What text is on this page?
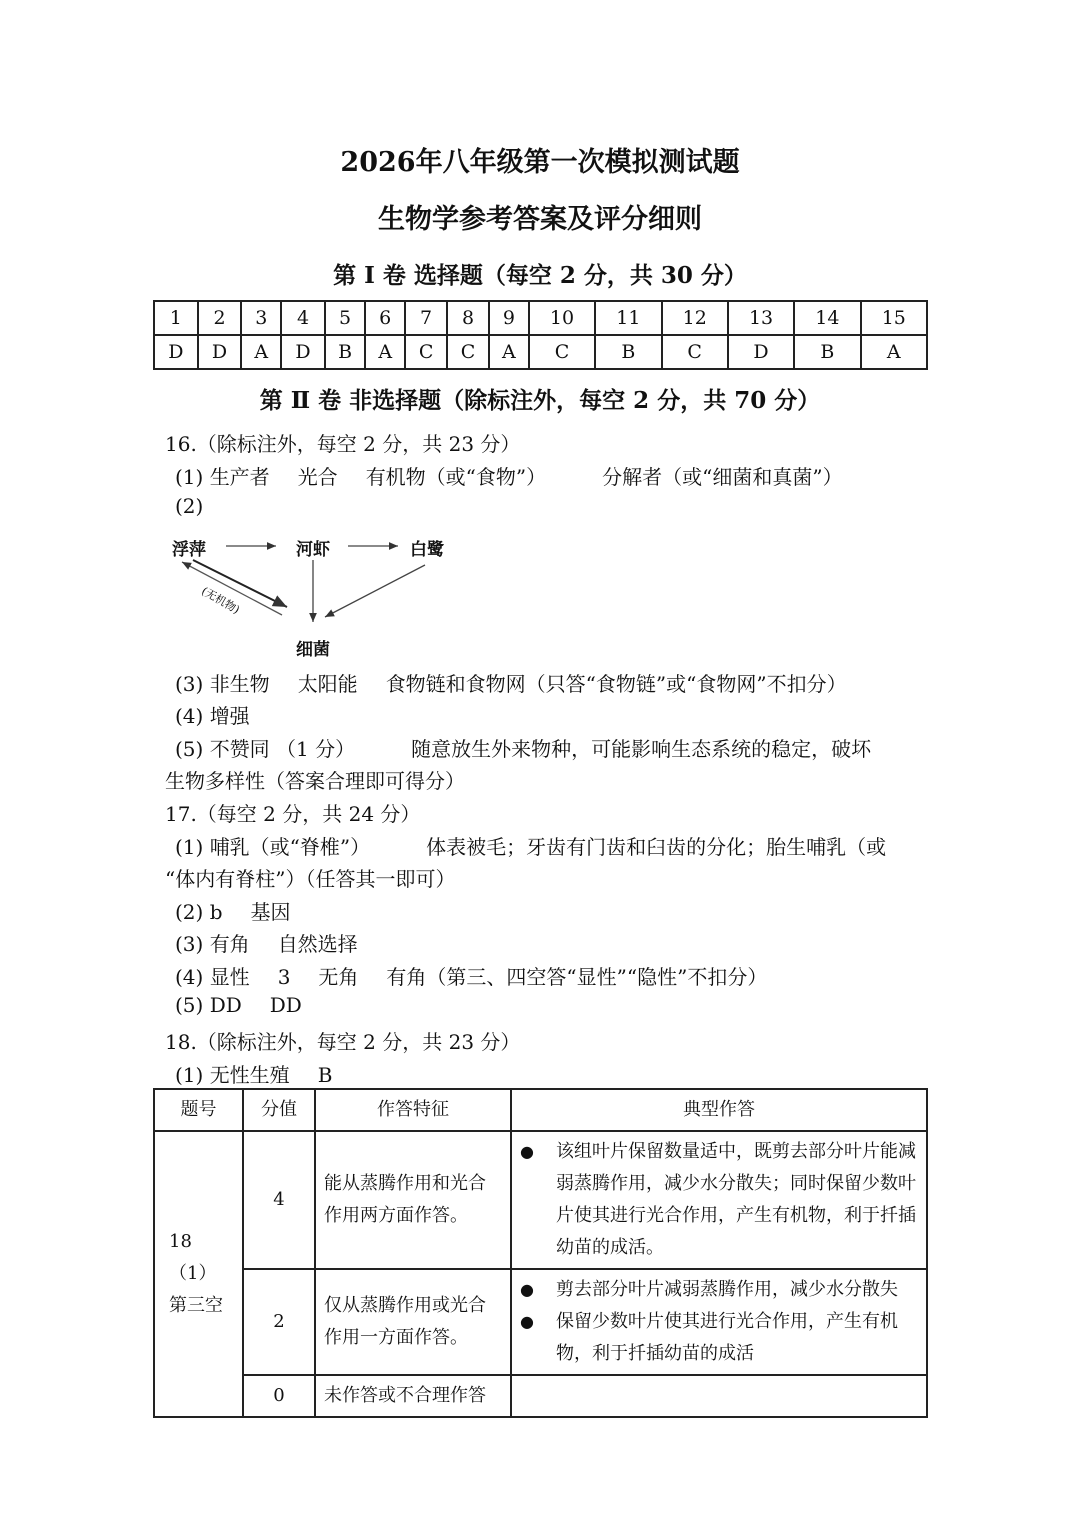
2026年八年级第一次模拟测试题
生物学参考答案及评分细则
第 Ⅰ 卷 选择题（每空 2 分，共 30 分）
1	2	3	4	5	6	7	8	9	10	11	12	13	14	15
D	D	A	D	B	A	C	C	A	C	B	C	D	B	A
第 Ⅱ 卷 非选择题（除标注外，每空 2 分，共 70 分）
16.（除标注外，每空 2 分，共 23 分）
(1) 生产者 光合 有机物（或“食物”）	分解者（或“细菌和真菌”）
(2)
浮萍	河虾	白鹭
细菌
(无机物)
(3) 非生物 太阳能 食物链和食物网（只答“食物链”或“食物网”不扣分）
(4) 增强
(5) 不赞同 （1 分）	随意放生外来物种，可能影响生态系统的稳定，破坏
生物多样性（答案合理即可得分）
17.（每空 2 分，共 24 分）
(1) 哺乳（或“脊椎”）	体表被毛；牙齿有门齿和臼齿的分化；胎生哺乳（或
“体内有脊柱”）（任答其一即可）
(2) b 基因
(3) 有角 自然选择
(4) 显性 3 无角 有角（第三、四空答“显性”“隐性”不扣分）
(5) DD DD
18.（除标注外，每空 2 分，共 23 分）
(1) 无性生殖 B
题号	分值	作答特征	典型作答
18（1）第三空	4	能从蒸腾作用和光合作用两方面作答。	● 该组叶片保留数量适中，既剪去部分叶片能减弱蒸腾作用，减少水分散失；同时保留少数叶片使其进行光合作用，产生有机物，利于扦插幼苗的成活。

	2	仅从蒸腾作用或光合作用一方面作答。	● 剪去部分叶片减弱蒸腾作用，减少水分散失
● 保留少数叶片使其进行光合作用，产生有机物，利于扦插幼苗的成活

	0	未作答或不合理作答	
